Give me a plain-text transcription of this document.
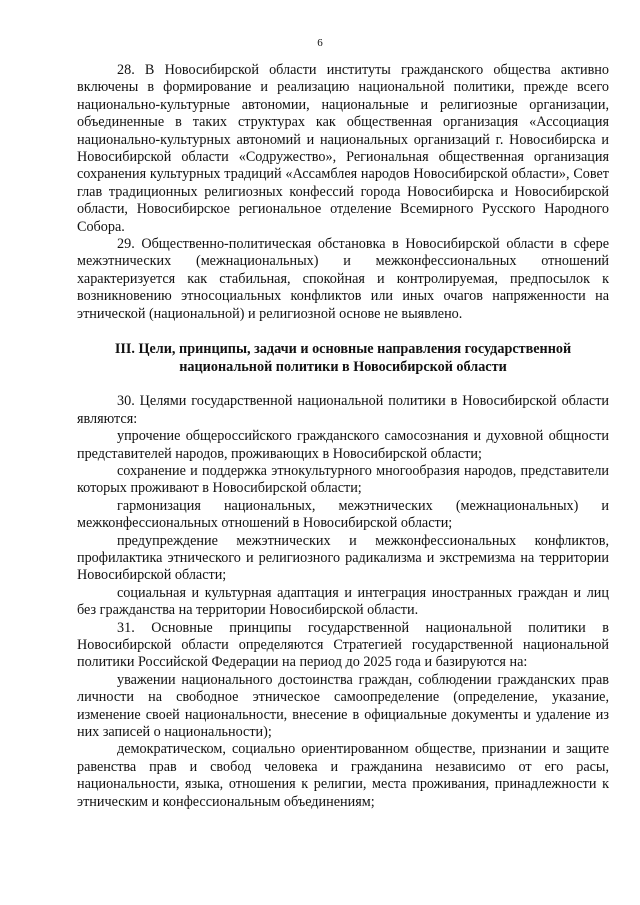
6

28. В Новосибирской области институты гражданского общества активно включены в формирование и реализацию национальной политики, прежде всего национально-культурные автономии, национальные и религиозные организации, объединенные в таких структурах как общественная организация «Ассоциация национально-культурных автономий и национальных организаций г. Новосибирска и Новосибирской области «Содружество», Региональная общественная организация сохранения культурных традиций «Ассамблея народов Новосибирской области», Совет глав традиционных религиозных конфессий города Новосибирска и Новосибирской области, Новосибирское региональное отделение Всемирного Русского Народного Собора.

29. Общественно-политическая обстановка в Новосибирской области в сфере межэтнических (межнациональных) и межконфессиональных отношений характеризуется как стабильная, спокойная и контролируемая, предпосылок к возникновению этносоциальных конфликтов или иных очагов напряженности на этнической (национальной) и религиозной основе не выявлено.

III. Цели, принципы, задачи и основные направления государственной национальной политики в Новосибирской области

30. Целями государственной национальной политики в Новосибирской области являются:

упрочение общероссийского гражданского самосознания и духовной общности представителей народов, проживающих в Новосибирской области;

сохранение и поддержка этнокультурного многообразия народов, представители которых проживают в Новосибирской области;

гармонизация национальных, межэтнических (межнациональных) и межконфессиональных отношений в Новосибирской области;

предупреждение межэтнических и межконфессиональных конфликтов, профилактика этнического и религиозного радикализма и экстремизма на территории Новосибирской области;

социальная и культурная адаптация и интеграция иностранных граждан и лиц без гражданства на территории Новосибирской области.

31. Основные принципы государственной национальной политики в Новосибирской области определяются Стратегией государственной национальной политики Российской Федерации на период до 2025 года и базируются на:

уважении национального достоинства граждан, соблюдении гражданских прав личности на свободное этническое самоопределение (определение, указание, изменение своей национальности, внесение в официальные документы и удаление из них записей о национальности);

демократическом, социально ориентированном обществе, признании и защите равенства прав и свобод человека и гражданина независимо от его расы, национальности, языка, отношения к религии, места проживания, принадлежности к этническим и конфессиональным объединениям;
